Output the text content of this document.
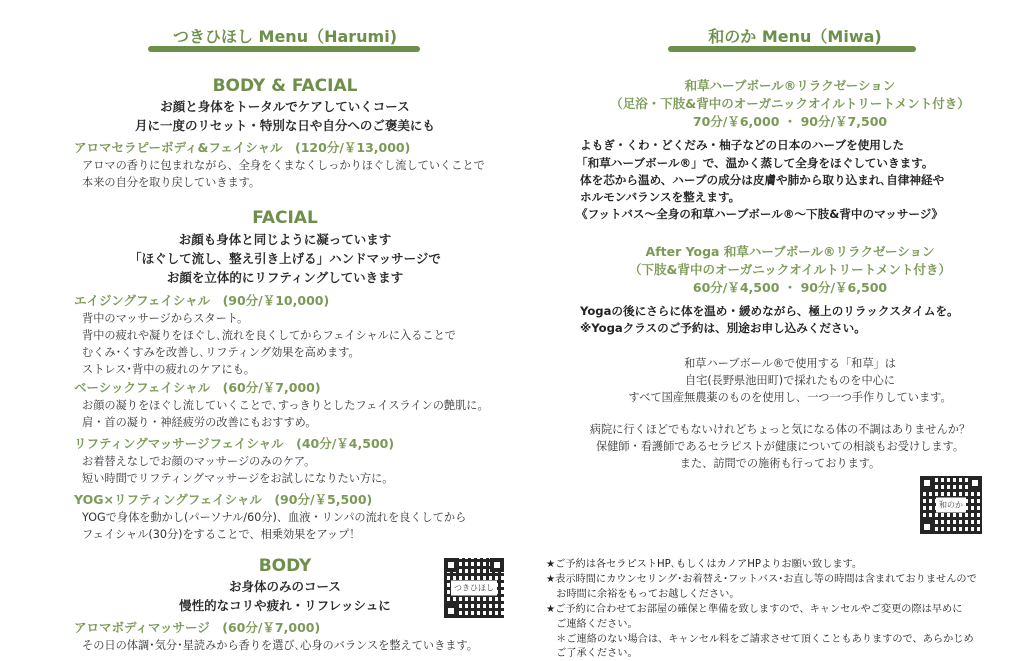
つきひほし Menu（Harumi)
BODY & FACIAL
お顔と身体をトータルでケアしていくコース
月に一度のリセット・特別な日や自分へのご褒美にも
アロマセラピーボディ&フェイシャル　(120分/￥13,000)
アロマの香りに包まれながら、全身をくまなくしっかりほぐし流していくことで
本来の自分を取り戻していきます。
FACIAL
お顔も身体と同じように凝っています
「ほぐして流し、整え引き上げる」ハンドマッサージで
お顔を立体的にリフティングしていきます
エイジングフェイシャル　(90分/￥10,000)
背中のマッサージからスタート。
背中の疲れや凝りをほぐし､流れを良くしてからフェイシャルに入ることで
むくみ･くすみを改善し､リフティング効果を高めます。
ストレス･背中の疲れのケアにも。
ベーシックフェイシャル　(60分/￥7,000)
お顔の凝りをほぐし流していくことで､すっきりとしたフェイスラインの艶肌に。
肩・首の凝り・神経疲労の改善にもおすすめ。
リフティングマッサージフェイシャル　(40分/￥4,500)
お着替えなしでお顔のマッサージのみのケア。
短い時間でリフティングマッサージをお試しになりたい方に。
YOG×リフティングフェイシャル　(90分/￥5,500)
YOGで身体を動かし(パーソナル/60分)、血液・リンパの流れを良くしてから
フェイシャル(30分)をすることで、相乗効果をアップ！
BODY
お身体のみのコース
慢性的なコリや疲れ・リフレッシュに
アロマボディマッサージ　(60分/￥7,000)
その日の体調･気分･星読みから香りを選び､心身のバランスを整えていきます。
つきひほし
和のか Menu（Miwa)
和草ハーブボール®リラクゼーション
（足浴・下肢&背中のオーガニックオイルトリートメント付き）
70分/￥6,000 ・ 90分/￥7,500
よもぎ・くわ・どくだみ・柚子などの日本のハーブを使用した
「和草ハーブボール®」で、温かく蒸して全身をほぐしていきます。
体を芯から温め、ハーブの成分は皮膚や肺から取り込まれ､自律神経や
ホルモンバランスを整えます。
《フットバス～全身の和草ハーブボール®～下肢&背中のマッサージ》
After Yoga 和草ハーブボール®リラクゼーション
（下肢&背中のオーガニックオイルトリートメント付き）
60分/￥4,500 ・ 90分/￥6,500
Yogaの後にさらに体を温め・緩めながら、極上のリラックスタイムを。
※Yogaクラスのご予約は、別途お申し込みください。
和草ハーブボール®で使用する「和草」は
自宅(長野県池田町)で採れたものを中心に
すべて国産無農薬のものを使用し、一つ一つ手作りしています。
病院に行くほどでもないけれどちょっと気になる体の不調はありませんか？
保健師・看護師であるセラピストが健康についての相談もお受けします。
また、訪問での施術も行っております。
和のか
★ご予約は各セラピストHP､もしくはカノアHPよりお願い致します。
★表示時間にカウンセリング･お着替え･フットバス･お直し等の時間は含まれておりませんので
　お時間に余裕をもってお越しください。
★ご予約に合わせてお部屋の確保と準備を致しますので、キャンセルやご変更の際は早めに
　ご連絡ください。
　＊ご連絡のない場合は、キャンセル料をご請求させて頂くこともありますので、あらかじめ
　ご了承ください。
